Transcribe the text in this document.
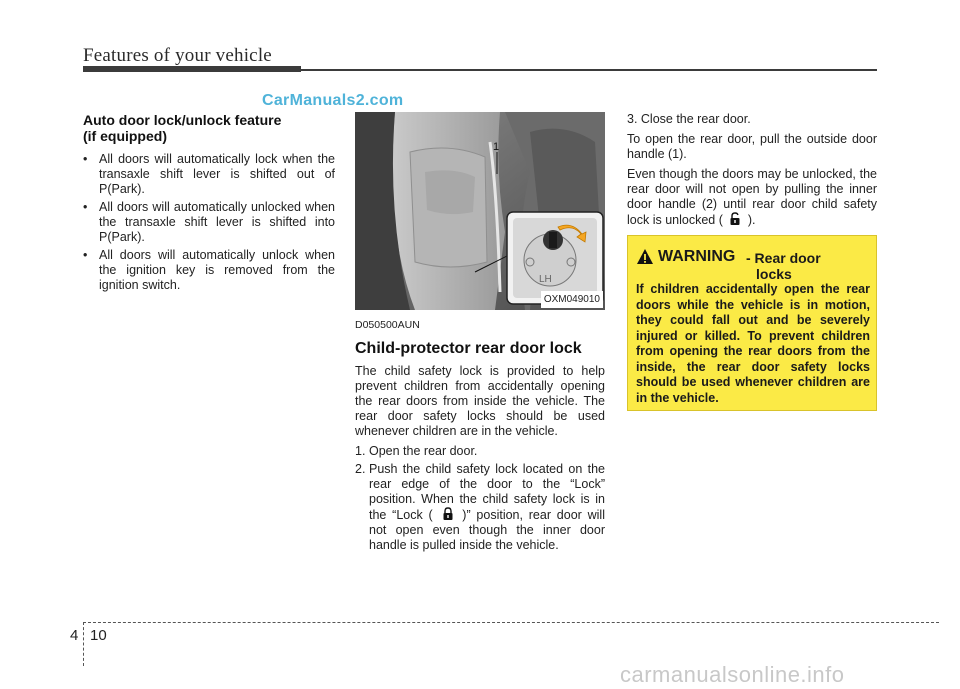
Features of your vehicle
CarManuals2.com
Auto door lock/unlock feature
(if equipped)
• All doors will automatically lock when the transaxle shift lever is shifted out of P(Park).
• All doors will automatically unlocked when the transaxle shift lever is shifted into P(Park).
• All doors will automatically unlock when the ignition key is removed from the ignition switch.
1
LH
OXM049010
D050500AUN
Child-protector rear door lock

The child safety lock is provided to help prevent children from accidentally opening the rear doors from inside the vehicle. The rear door safety locks should be used whenever children are in the vehicle.

1. Open the rear door.
2. Push the child safety lock located on the rear edge of the door to the “Lock” position. When the child safety lock is in the “Lock ( )” position, rear door will not open even though the inner door handle is pulled inside the vehicle.

3. Close the rear door.

To open the rear door, pull the outside door handle (1).

Even though the doors may be unlocked, the rear door will not open by pulling the inner door handle (2) until rear door child safety lock is unlocked ( ).

WARNING - Rear door
locks
If children accidentally open the rear doors while the vehicle is in motion, they could fall out and be severely injured or killed. To prevent children from opening the rear doors from the inside, the rear door safety locks should be used whenever children are in the vehicle.
4 10
carmanualsonline.info
